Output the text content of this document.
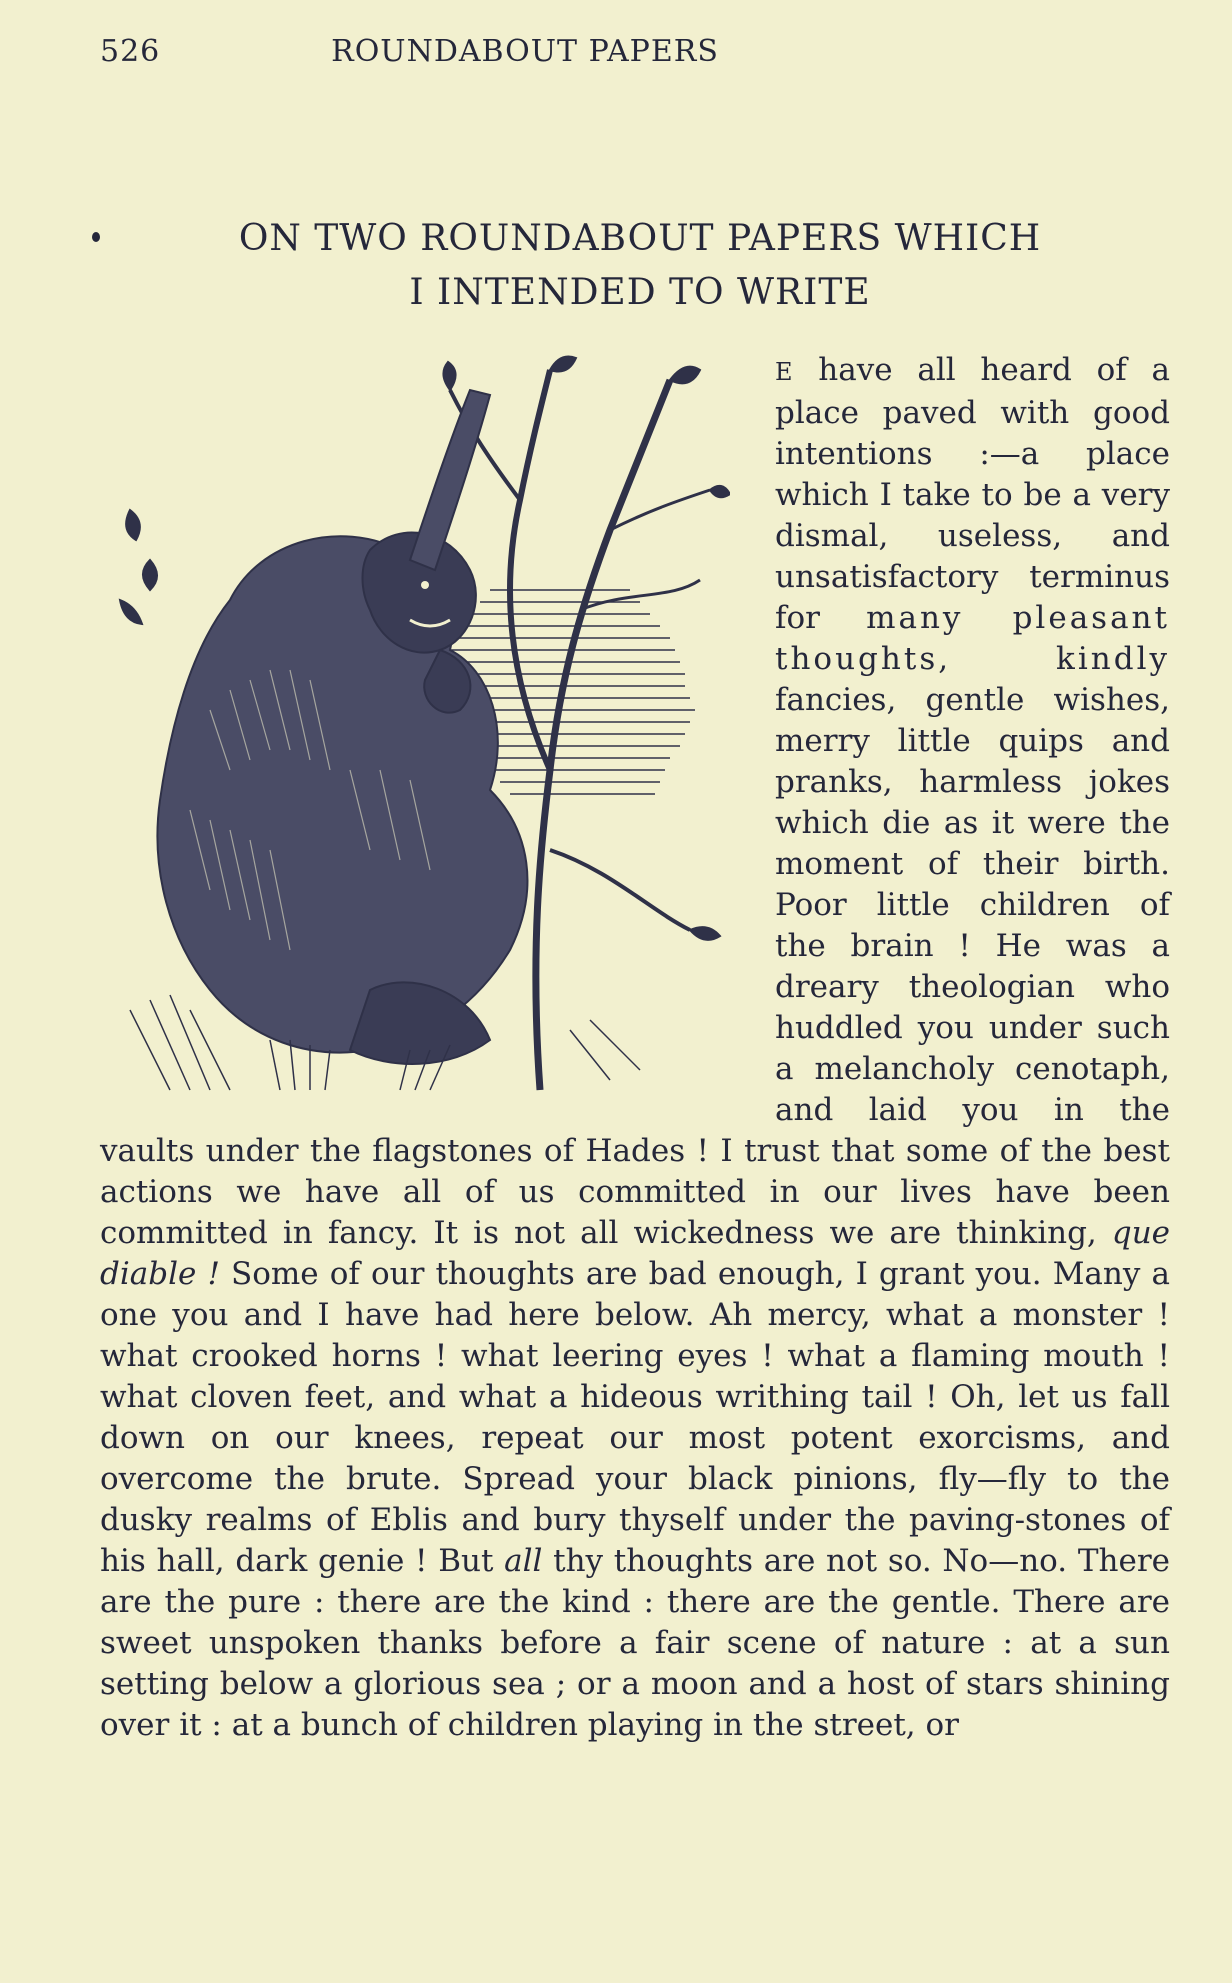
526	ROUNDABOUT PAPERS
ON TWO ROUNDABOUT PAPERS WHICH
I INTENDED TO WRITE

E have all heard of a place paved with good intentions :—a place which I take to be a very dismal, useless, and unsatisfactory terminus for many pleasant thoughts, kindly fancies, gentle wishes, merry little quips and pranks, harmless jokes which die as it were the moment of their birth. Poor little children of the brain ! He was a dreary theologian who huddled you under such a melancholy cenotaph, and laid you in the vaults under the flagstones of Hades ! I trust that some of the best actions we have all of us committed in our lives have been committed in fancy. It is not all wickedness we are thinking, que diable ! Some of our thoughts are bad enough, I grant you. Many a one you and I have had here below. Ah mercy, what a monster ! what crooked horns ! what leering eyes ! what a flaming mouth ! what cloven feet, and what a hideous writhing tail ! Oh, let us fall down on our knees, repeat our most potent exorcisms, and overcome the brute. Spread your black pinions, fly—fly to the dusky realms of Eblis and bury thyself under the paving-stones of his hall, dark genie ! But all thy thoughts are not so. No—no. There are the pure : there are the kind : there are the gentle. There are sweet unspoken thanks before a fair scene of nature : at a sun setting below a glorious sea ; or a moon and a host of stars shining over it : at a bunch of children playing in the street, or
